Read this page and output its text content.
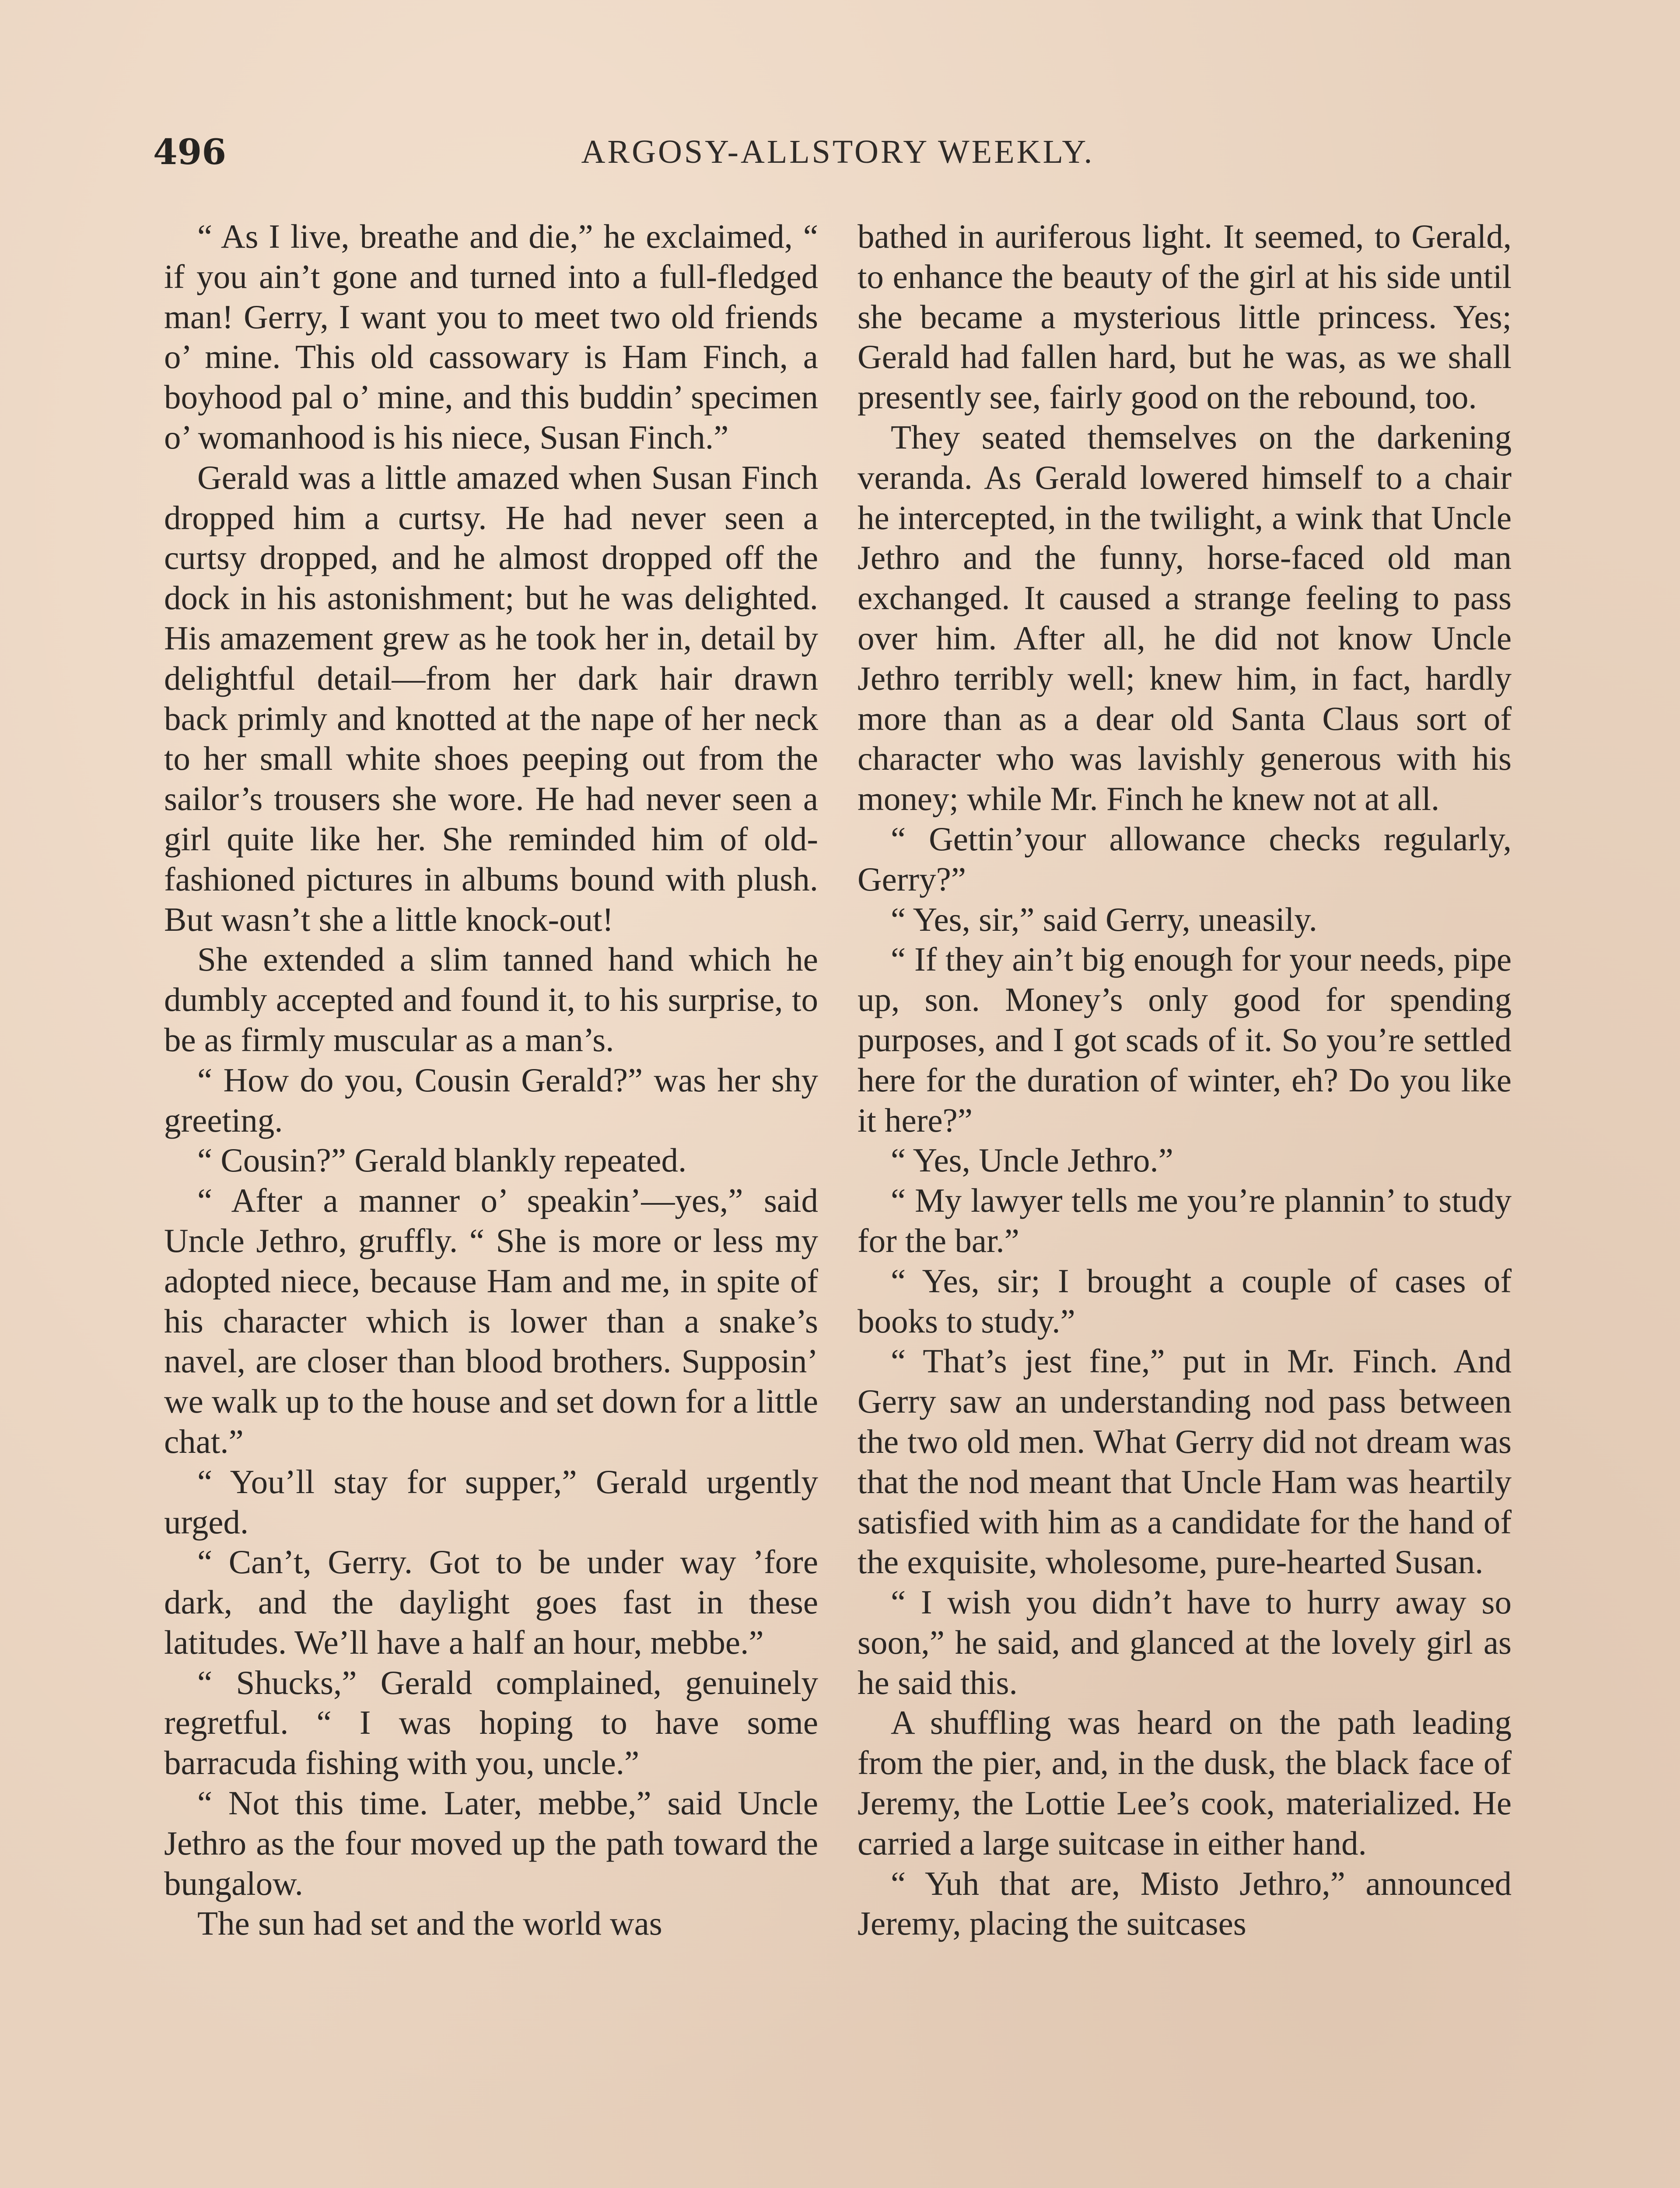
496	ARGOSY-ALLSTORY WEEKLY.

“ As I live, breathe and die,” he exclaimed, “ if you ain’t gone and turned into a full-fledged man! Gerry, I want you to meet two old friends o’ mine. This old cassowary is Ham Finch, a boyhood pal o’ mine, and this buddin’ specimen o’ womanhood is his niece, Susan Finch.”

Gerald was a little amazed when Susan Finch dropped him a curtsy. He had never seen a curtsy dropped, and he almost dropped off the dock in his astonishment; but he was delighted. His amazement grew as he took her in, detail by delightful detail—from her dark hair drawn back primly and knotted at the nape of her neck to her small white shoes peeping out from the sailor’s trousers she wore. He had never seen a girl quite like her. She reminded him of old-fashioned pictures in albums bound with plush. But wasn’t she a little knock-out!

She extended a slim tanned hand which he dumbly accepted and found it, to his surprise, to be as firmly muscular as a man’s.

“ How do you, Cousin Gerald?” was her shy greeting.

“ Cousin?” Gerald blankly repeated.

“ After a manner o’ speakin’—yes,” said Uncle Jethro, gruffly. “ She is more or less my adopted niece, because Ham and me, in spite of his character which is lower than a snake’s navel, are closer than blood brothers. Supposin’ we walk up to the house and set down for a little chat.”

“ You’ll stay for supper,” Gerald urgently urged.

“ Can’t, Gerry. Got to be under way ’fore dark, and the daylight goes fast in these latitudes. We’ll have a half an hour, mebbe.”

“ Shucks,” Gerald complained, genuinely regretful. “ I was hoping to have some barracuda fishing with you, uncle.”

“ Not this time. Later, mebbe,” said Uncle Jethro as the four moved up the path toward the bungalow.

The sun had set and the world was

bathed in auriferous light. It seemed, to Gerald, to enhance the beauty of the girl at his side until she became a mysterious little princess. Yes; Gerald had fallen hard, but he was, as we shall presently see, fairly good on the rebound, too.

They seated themselves on the darkening veranda. As Gerald lowered himself to a chair he intercepted, in the twilight, a wink that Uncle Jethro and the funny, horse-faced old man exchanged. It caused a strange feeling to pass over him. After all, he did not know Uncle Jethro terribly well; knew him, in fact, hardly more than as a dear old Santa Claus sort of character who was lavishly generous with his money; while Mr. Finch he knew not at all.

“ Gettin’your allowance checks regularly, Gerry?”

“ Yes, sir,” said Gerry, uneasily.

“ If they ain’t big enough for your needs, pipe up, son. Money’s only good for spending purposes, and I got scads of it. So you’re settled here for the duration of winter, eh? Do you like it here?”

“ Yes, Uncle Jethro.”

“ My lawyer tells me you’re plannin’ to study for the bar.”

“ Yes, sir; I brought a couple of cases of books to study.”

“ That’s jest fine,” put in Mr. Finch. And Gerry saw an understanding nod pass between the two old men. What Gerry did not dream was that the nod meant that Uncle Ham was heartily satisfied with him as a candidate for the hand of the exquisite, wholesome, pure-hearted Susan.

“ I wish you didn’t have to hurry away so soon,” he said, and glanced at the lovely girl as he said this.

A shuffling was heard on the path leading from the pier, and, in the dusk, the black face of Jeremy, the Lottie Lee’s cook, materialized. He carried a large suitcase in either hand.

“ Yuh that are, Misto Jethro,” announced Jeremy, placing the suitcases
